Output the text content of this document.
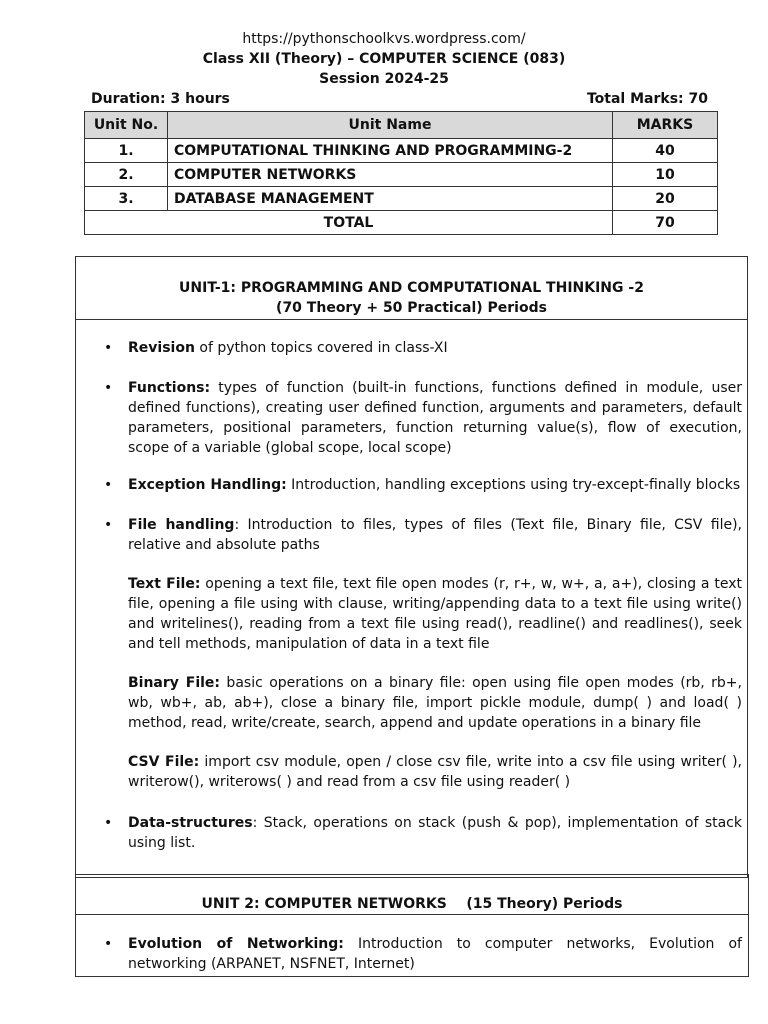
https://pythonschoolkvs.wordpress.com/
Class XII (Theory) – COMPUTER SCIENCE (083)
Session 2024-25
Duration: 3 hours	Total Marks: 70
Unit No.	Unit Name	MARKS
1.	COMPUTATIONAL THINKING AND PROGRAMMING-2	40
2.	COMPUTER NETWORKS	10
3.	DATABASE MANAGEMENT	20
TOTAL		70
UNIT-1: PROGRAMMING AND COMPUTATIONAL THINKING -2
(70 Theory + 50 Practical) Periods
• Revision of python topics covered in class-XI
• Functions: types of function (built-in functions, functions defined in module, user defined functions), creating user defined function, arguments and parameters, default parameters, positional parameters, function returning value(s), flow of execution, scope of a variable (global scope, local scope)
• Exception Handling: Introduction, handling exceptions using try-except-finally blocks
• File handling: Introduction to files, types of files (Text file, Binary file, CSV file), relative and absolute paths
Text File: opening a text file, text file open modes (r, r+, w, w+, a, a+), closing a text file, opening a file using with clause, writing/appending data to a text file using write() and writelines(), reading from a text file using read(), readline() and readlines(), seek and tell methods, manipulation of data in a text file
Binary File: basic operations on a binary file: open using file open modes (rb, rb+, wb, wb+, ab, ab+), close a binary file, import pickle module, dump( ) and load( ) method, read, write/create, search, append and update operations in a binary file
CSV File: import csv module, open / close csv file, write into a csv file using writer( ), writerow(), writerows( ) and read from a csv file using reader( )
• Data-structures: Stack, operations on stack (push & pop), implementation of stack using list.
UNIT 2: COMPUTER NETWORKS    (15 Theory) Periods
• Evolution of Networking: Introduction to computer networks, Evolution of networking (ARPANET, NSFNET, Internet)
